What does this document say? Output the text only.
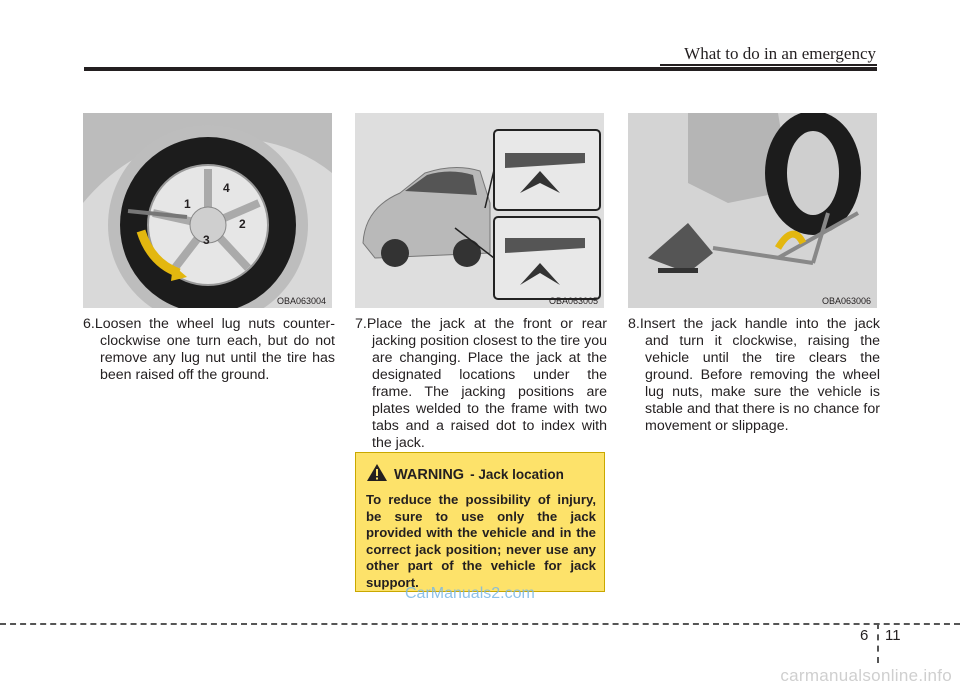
What to do in an emergency
1
2
3
4
OBA063004	OBA063005	OBA063006
6.Loosen the wheel lug nuts counter-clockwise one turn each, but do not remove any lug nut until the tire has been raised off the ground.
7.Place the jack at the front or rear jacking position closest to the tire you are changing. Place the jack at the designated locations under the frame. The jacking positions are plates welded to the frame with two tabs and a raised dot to index with the jack.
8.Insert the jack handle into the jack and turn it clockwise, raising the vehicle until the tire clears the ground. Before removing the wheel lug nuts, make sure the vehicle is stable and that there is no chance for movement or slippage.
WARNING - Jack location
To reduce the possibility of injury, be sure to use only the jack provided with the vehicle and in the correct jack position; never use any other part of the vehicle for jack support.
CarManuals2.com
6 11
carmanualsonline.info
